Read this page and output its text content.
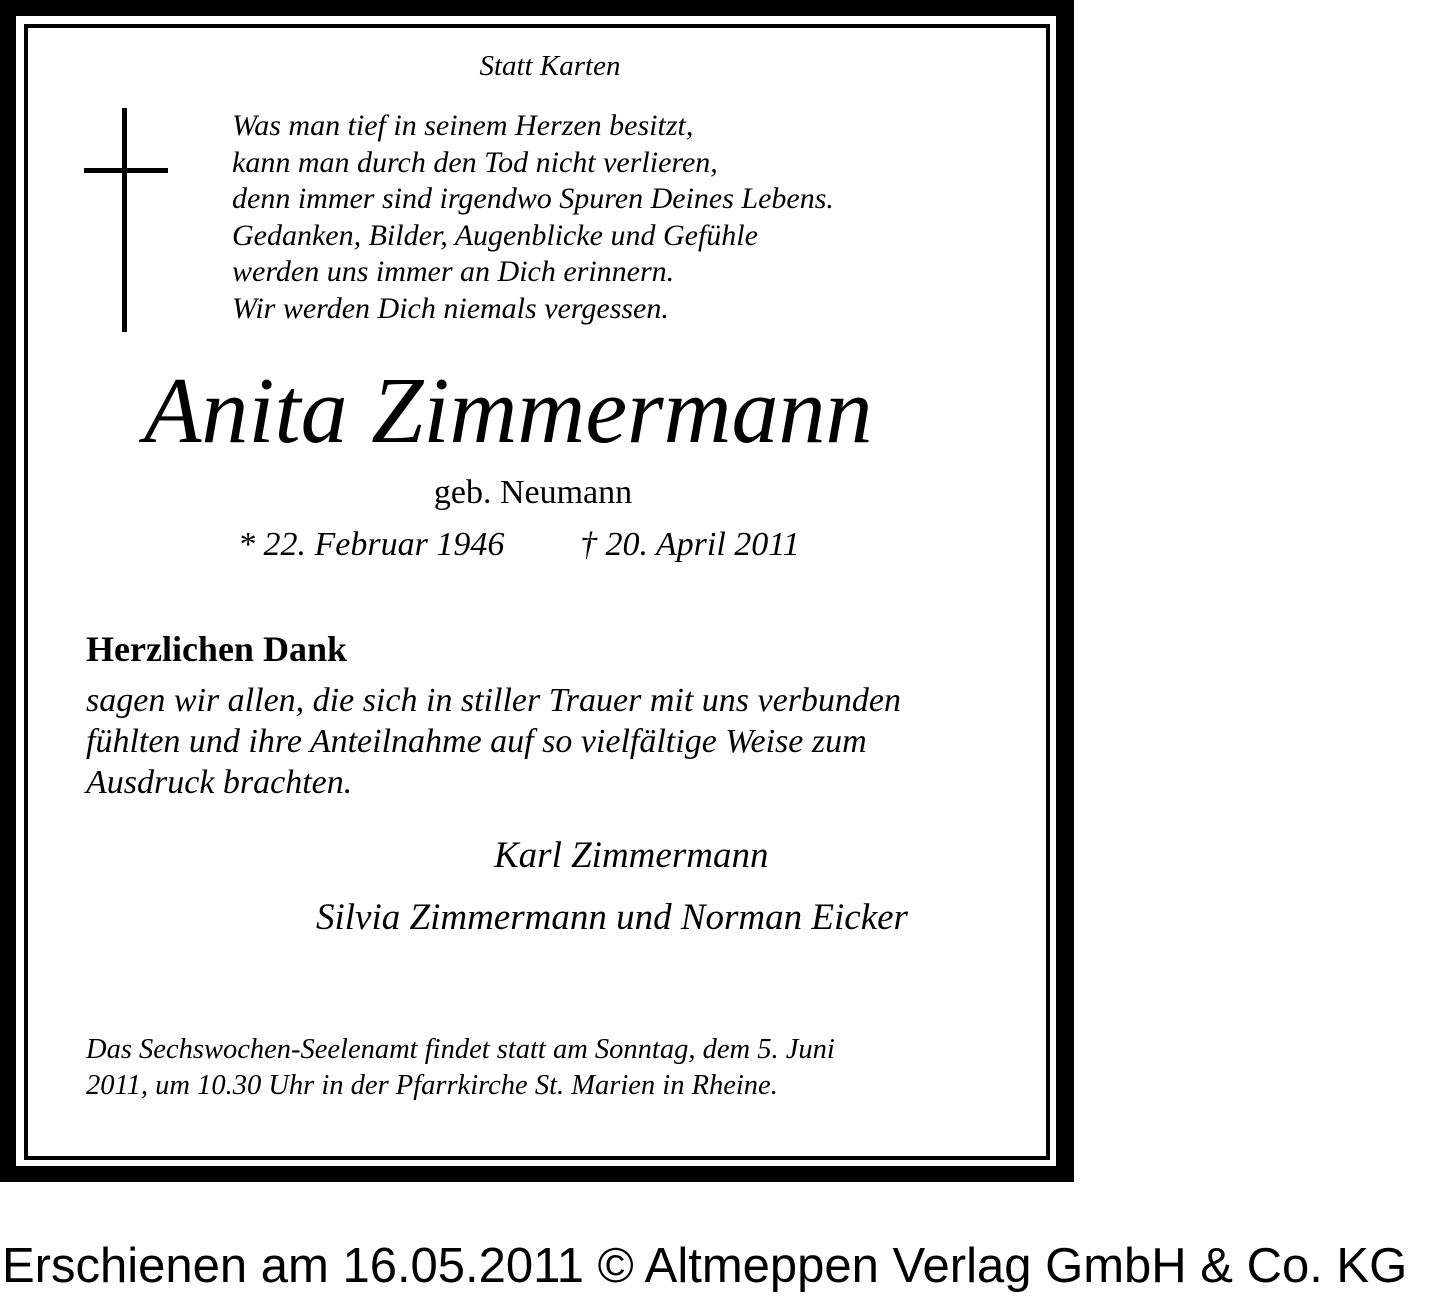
Statt Karten

Was man tief in seinem Herzen besitzt,
kann man durch den Tod nicht verlieren,
denn immer sind irgendwo Spuren Deines Lebens.
Gedanken, Bilder, Augenblicke und Gefühle
werden uns immer an Dich erinnern.
Wir werden Dich niemals vergessen.

Anita Zimmermann

geb. Neumann

* 22. Februar 1946 † 20. April 2011

Herzlichen Dank

sagen wir allen, die sich in stiller Trauer mit uns verbunden
fühlten und ihre Anteilnahme auf so vielfältige Weise zum
Ausdruck brachten.

Karl Zimmermann

Silvia Zimmermann und Norman Eicker

Das Sechswochen-Seelenamt findet statt am Sonntag, dem 5. Juni
2011, um 10.30 Uhr in der Pfarrkirche St. Marien in Rheine.
Erschienen am 16.05.2011 © Altmeppen Verlag GmbH & Co. KG
